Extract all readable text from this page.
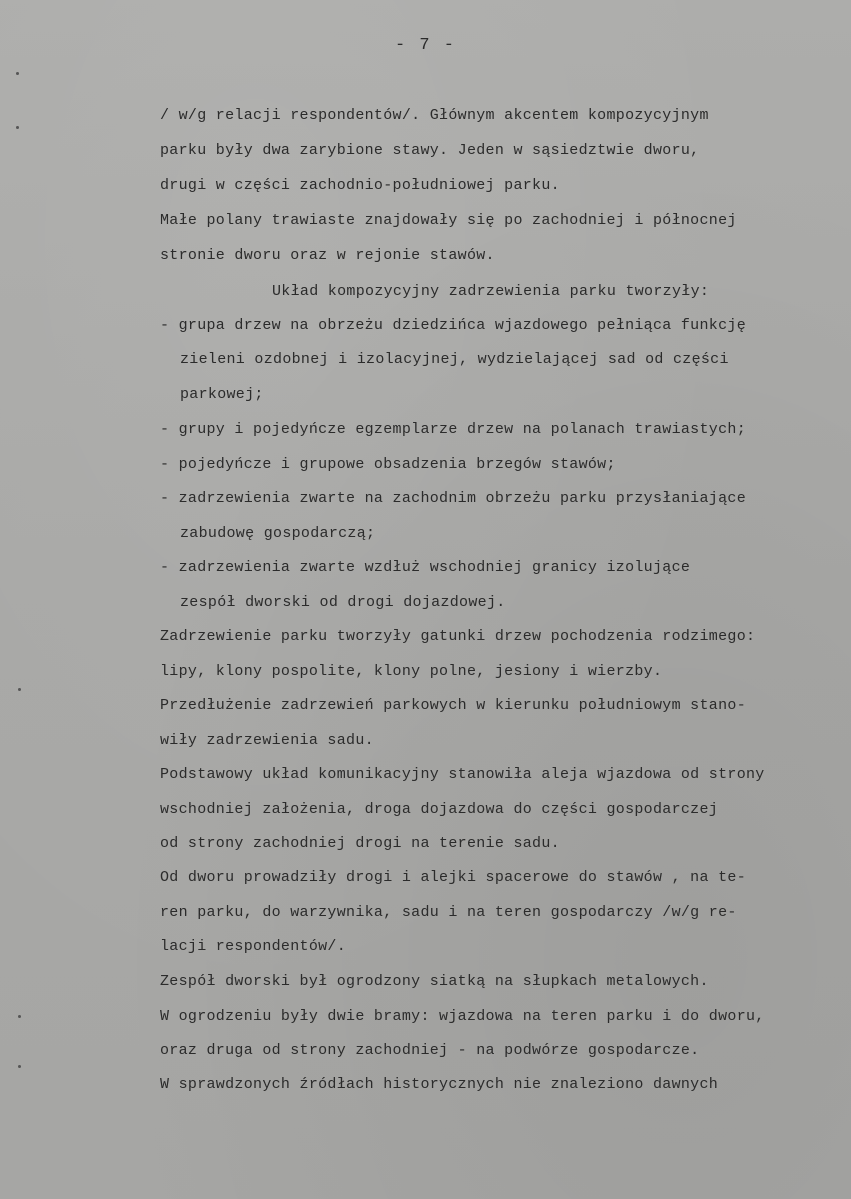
- 7 -
/ w/g relacji respondentów/. Głównym akcentem kompozycyjnym
parku były dwa zarybione stawy. Jeden w sąsiedztwie dworu,
drugi w części zachodnio-południowej parku.
Małe polany trawiaste znajdowały się po zachodniej i północnej
stronie dworu oraz w rejonie stawów.
Układ kompozycyjny zadrzewienia parku tworzyły:
- grupa drzew na obrzeżu dziedzińca wjazdowego pełniąca funkcję
zieleni ozdobnej i izolacyjnej, wydzielającej sad od części
parkowej;
- grupy i pojedyńcze egzemplarze drzew na polanach trawiastych;
- pojedyńcze i grupowe obsadzenia brzegów stawów;
- zadrzewienia zwarte na zachodnim obrzeżu parku przysłaniające
zabudowę gospodarczą;
- zadrzewienia zwarte wzdłuż wschodniej granicy izolujące
zespół dworski od drogi dojazdowej.
Zadrzewienie parku tworzyły gatunki drzew pochodzenia rodzimego:
lipy, klony pospolite, klony polne, jesiony i wierzby.
Przedłużenie zadrzewień parkowych w kierunku południowym stano-
wiły zadrzewienia sadu.
Podstawowy układ komunikacyjny stanowiła aleja wjazdowa od strony
wschodniej założenia, droga dojazdowa do części gospodarczej
od strony zachodniej drogi na terenie sadu.
Od dworu prowadziły drogi i alejki spacerowe do stawów , na te-
ren parku, do warzywnika, sadu i na teren gospodarczy /w/g re-
lacji respondentów/.
Zespół dworski był ogrodzony siatką na słupkach metalowych.
W ogrodzeniu były dwie bramy: wjazdowa na teren parku i do dworu,
oraz druga od strony zachodniej - na podwórze gospodarcze.
W sprawdzonych źródłach historycznych nie znaleziono dawnych
